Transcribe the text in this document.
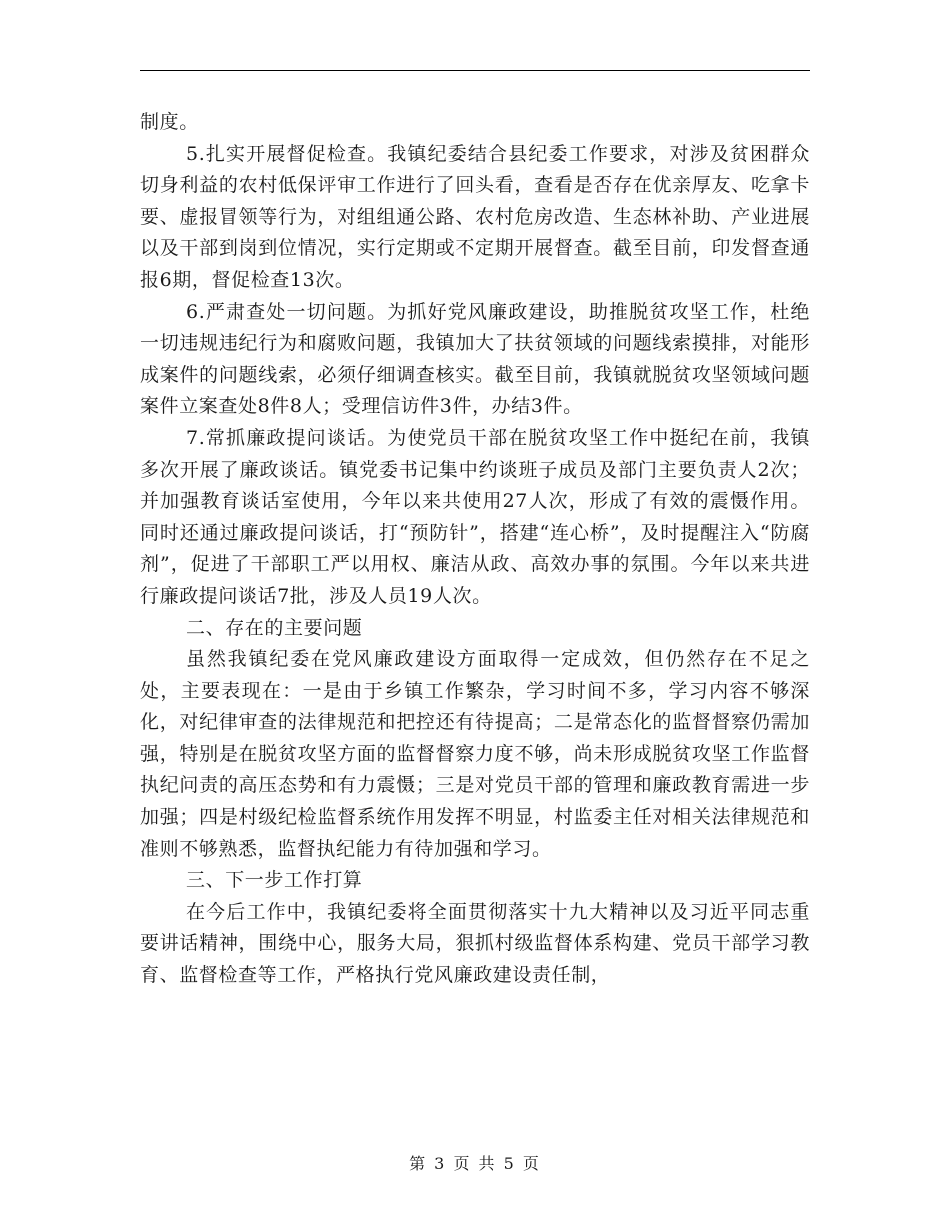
制度。

5.扎实开展督促检查。我镇纪委结合县纪委工作要求，对涉及贫困群众切身利益的农村低保评审工作进行了回头看，查看是否存在优亲厚友、吃拿卡要、虚报冒领等行为，对组组通公路、农村危房改造、生态林补助、产业进展以及干部到岗到位情况，实行定期或不定期开展督查。截至目前，印发督查通报6期，督促检查13次。

6.严肃查处一切问题。为抓好党风廉政建设，助推脱贫攻坚工作，杜绝一切违规违纪行为和腐败问题，我镇加大了扶贫领域的问题线索摸排，对能形成案件的问题线索，必须仔细调查核实。截至目前，我镇就脱贫攻坚领域问题案件立案查处8件8人；受理信访件3件，办结3件。

7.常抓廉政提问谈话。为使党员干部在脱贫攻坚工作中挺纪在前，我镇多次开展了廉政谈话。镇党委书记集中约谈班子成员及部门主要负责人2次；并加强教育谈话室使用，今年以来共使用27人次，形成了有效的震慑作用。同时还通过廉政提问谈话，打“预防针”，搭建“连心桥”，及时提醒注入“防腐剂”，促进了干部职工严以用权、廉洁从政、高效办事的氛围。今年以来共进行廉政提问谈话7批，涉及人员19人次。

二、存在的主要问题

虽然我镇纪委在党风廉政建设方面取得一定成效，但仍然存在不足之处，主要表现在：一是由于乡镇工作繁杂，学习时间不多，学习内容不够深化，对纪律审查的法律规范和把控还有待提高；二是常态化的监督督察仍需加强，特别是在脱贫攻坚方面的监督督察力度不够，尚未形成脱贫攻坚工作监督执纪问责的高压态势和有力震慑；三是对党员干部的管理和廉政教育需进一步加强；四是村级纪检监督系统作用发挥不明显，村监委主任对相关法律规范和准则不够熟悉，监督执纪能力有待加强和学习。

三、下一步工作打算

在今后工作中，我镇纪委将全面贯彻落实十九大精神以及习近平同志重要讲话精神，围绕中心，服务大局，狠抓村级监督体系构建、党员干部学习教育、监督检查等工作，严格执行党风廉政建设责任制，

第 3 页 共 5 页
